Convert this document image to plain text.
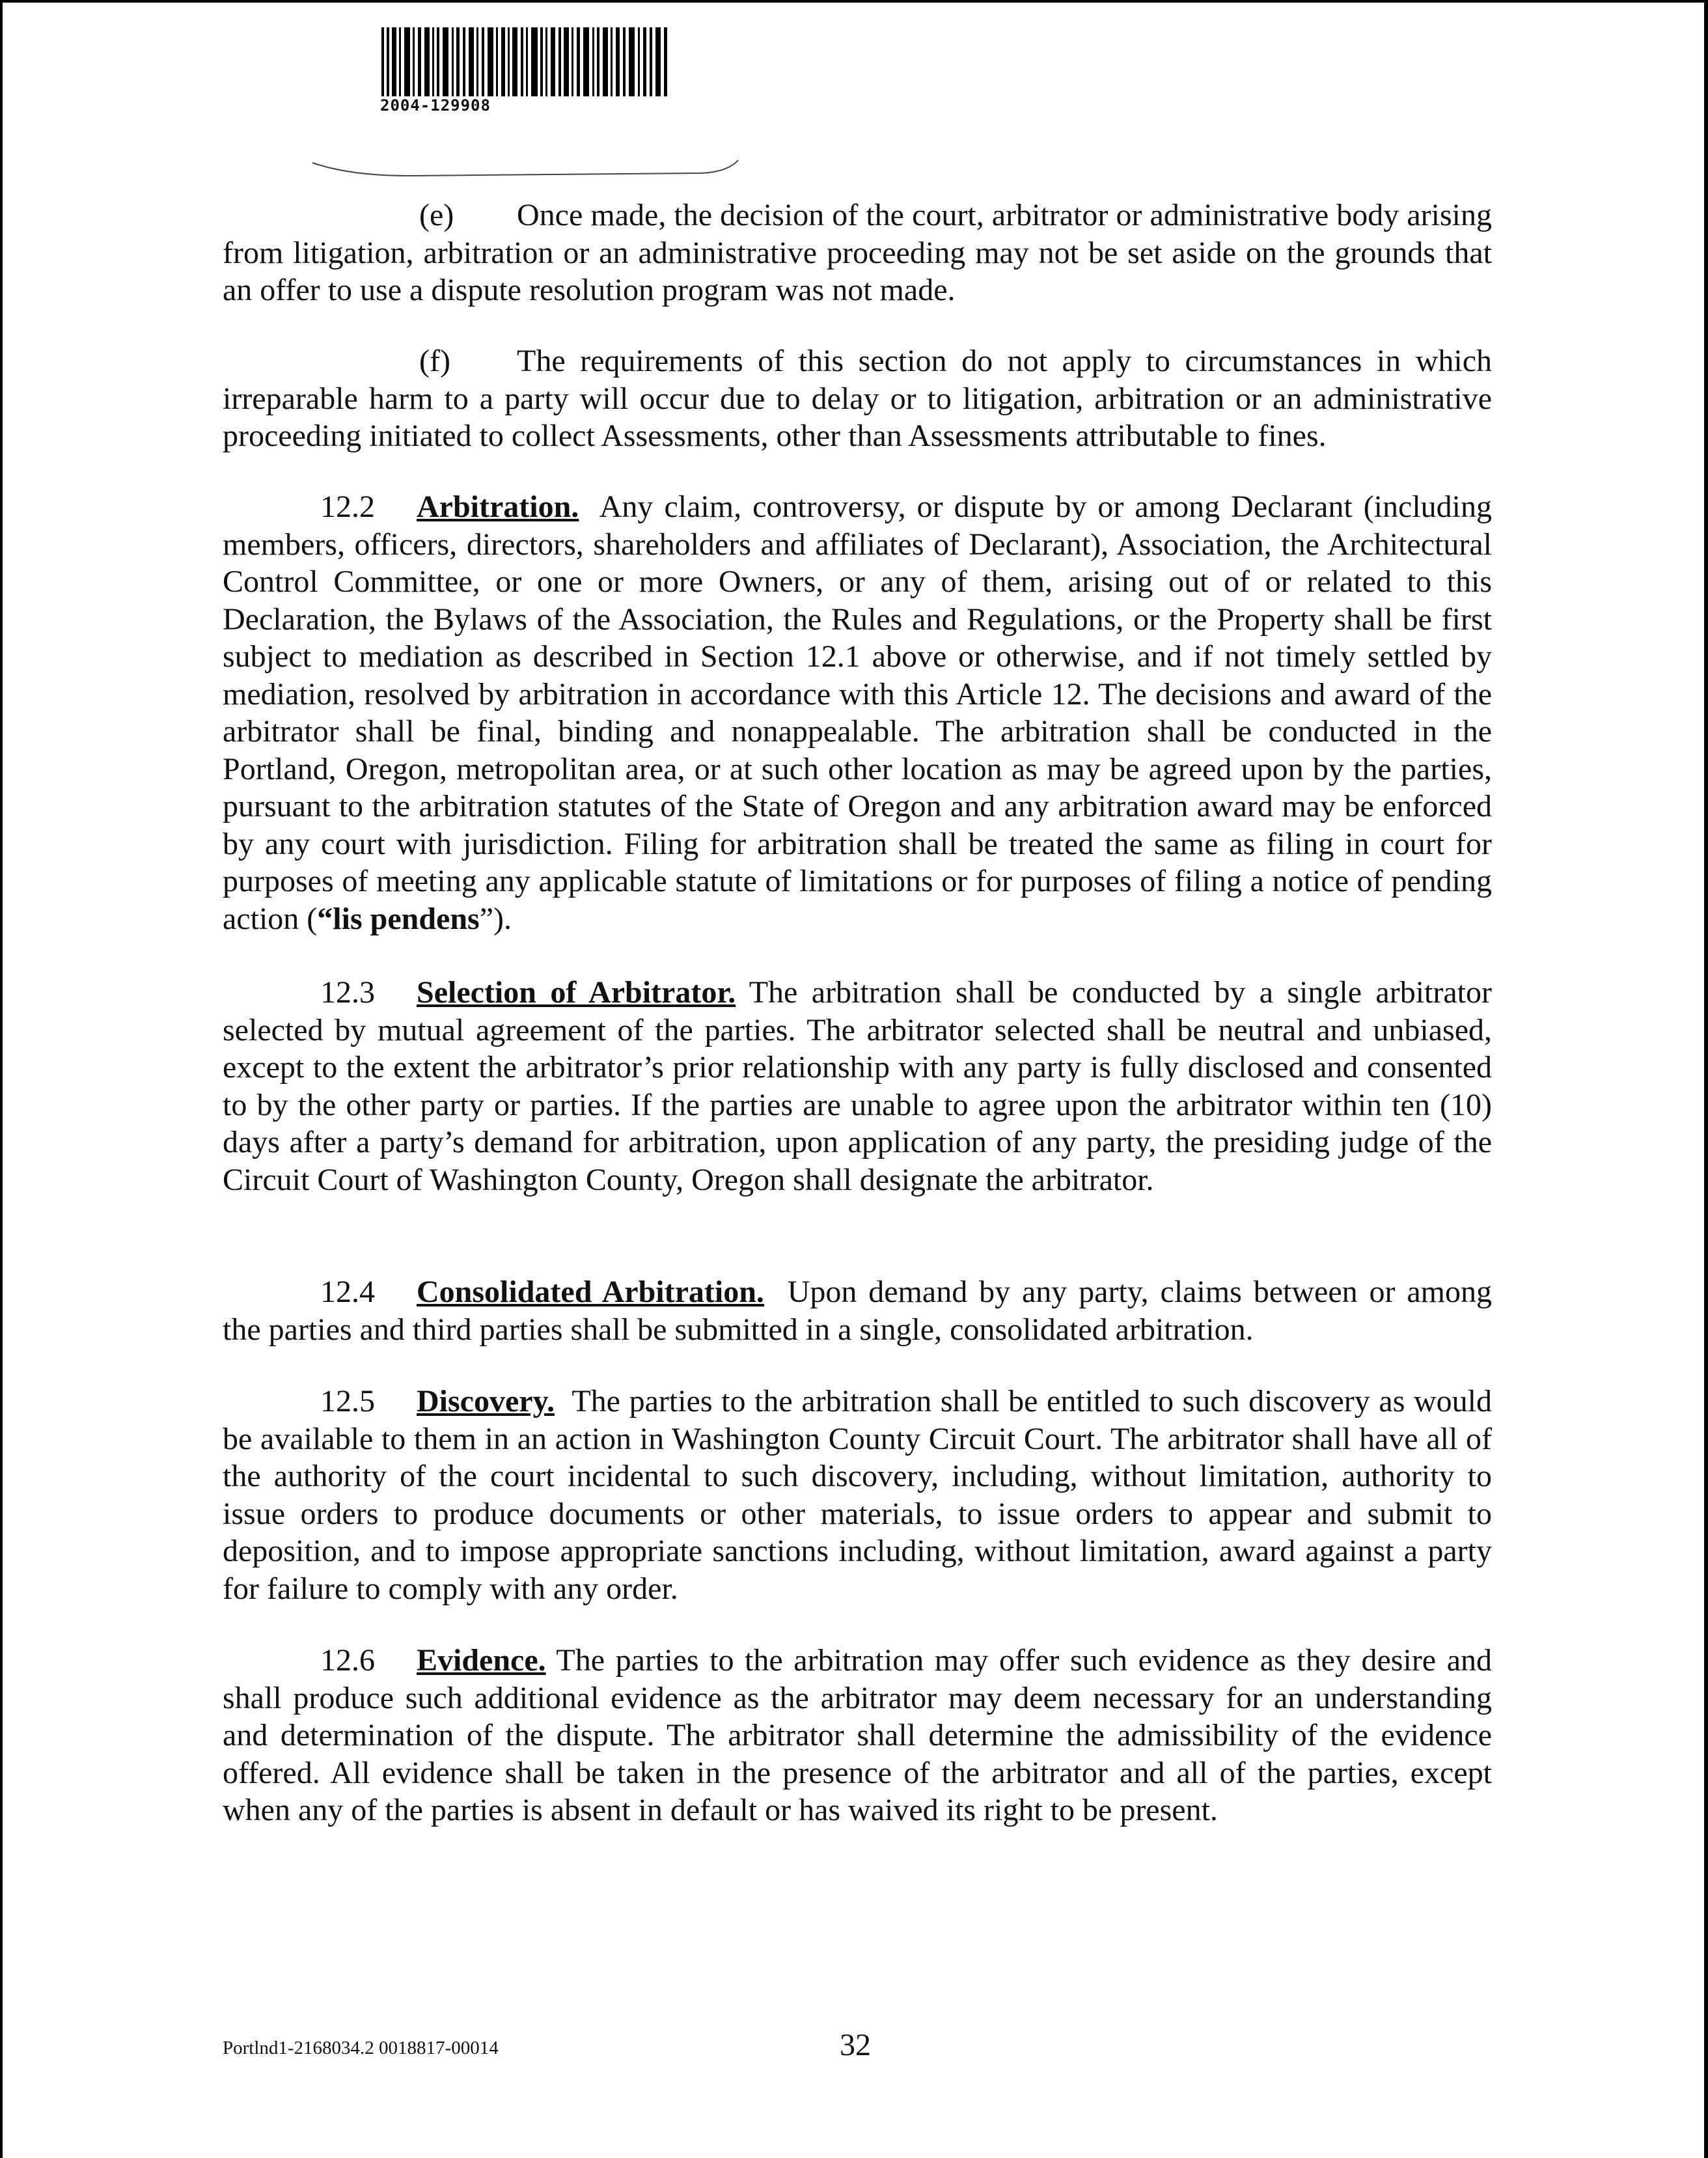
2004-129908

(e) Once made, the decision of the court, arbitrator or administrative body arising from litigation, arbitration or an administrative proceeding may not be set aside on the grounds that an offer to use a dispute resolution program was not made.

(f) The requirements of this section do not apply to circumstances in which irreparable harm to a party will occur due to delay or to litigation, arbitration or an administrative proceeding initiated to collect Assessments, other than Assessments attributable to fines.

12.2 Arbitration. Any claim, controversy, or dispute by or among Declarant (including members, officers, directors, shareholders and affiliates of Declarant), Association, the Architectural Control Committee, or one or more Owners, or any of them, arising out of or related to this Declaration, the Bylaws of the Association, the Rules and Regulations, or the Property shall be first subject to mediation as described in Section 12.1 above or otherwise, and if not timely settled by mediation, resolved by arbitration in accordance with this Article 12. The decisions and award of the arbitrator shall be final, binding and nonappealable. The arbitration shall be conducted in the Portland, Oregon, metropolitan area, or at such other location as may be agreed upon by the parties, pursuant to the arbitration statutes of the State of Oregon and any arbitration award may be enforced by any court with jurisdiction. Filing for arbitration shall be treated the same as filing in court for purposes of meeting any applicable statute of limitations or for purposes of filing a notice of pending action (“lis pendens”).

12.3 Selection of Arbitrator. The arbitration shall be conducted by a single arbitrator selected by mutual agreement of the parties. The arbitrator selected shall be neutral and unbiased, except to the extent the arbitrator’s prior relationship with any party is fully disclosed and consented to by the other party or parties. If the parties are unable to agree upon the arbitrator within ten (10) days after a party’s demand for arbitration, upon application of any party, the presiding judge of the Circuit Court of Washington County, Oregon shall designate the arbitrator.

12.4 Consolidated Arbitration. Upon demand by any party, claims between or among the parties and third parties shall be submitted in a single, consolidated arbitration.

12.5 Discovery. The parties to the arbitration shall be entitled to such discovery as would be available to them in an action in Washington County Circuit Court. The arbitrator shall have all of the authority of the court incidental to such discovery, including, without limitation, authority to issue orders to produce documents or other materials, to issue orders to appear and submit to deposition, and to impose appropriate sanctions including, without limitation, award against a party for failure to comply with any order.

12.6 Evidence. The parties to the arbitration may offer such evidence as they desire and shall produce such additional evidence as the arbitrator may deem necessary for an understanding and determination of the dispute. The arbitrator shall determine the admissibility of the evidence offered. All evidence shall be taken in the presence of the arbitrator and all of the parties, except when any of the parties is absent in default or has waived its right to be present.

Portlnd1-2168034.2 0018817-00014	32
